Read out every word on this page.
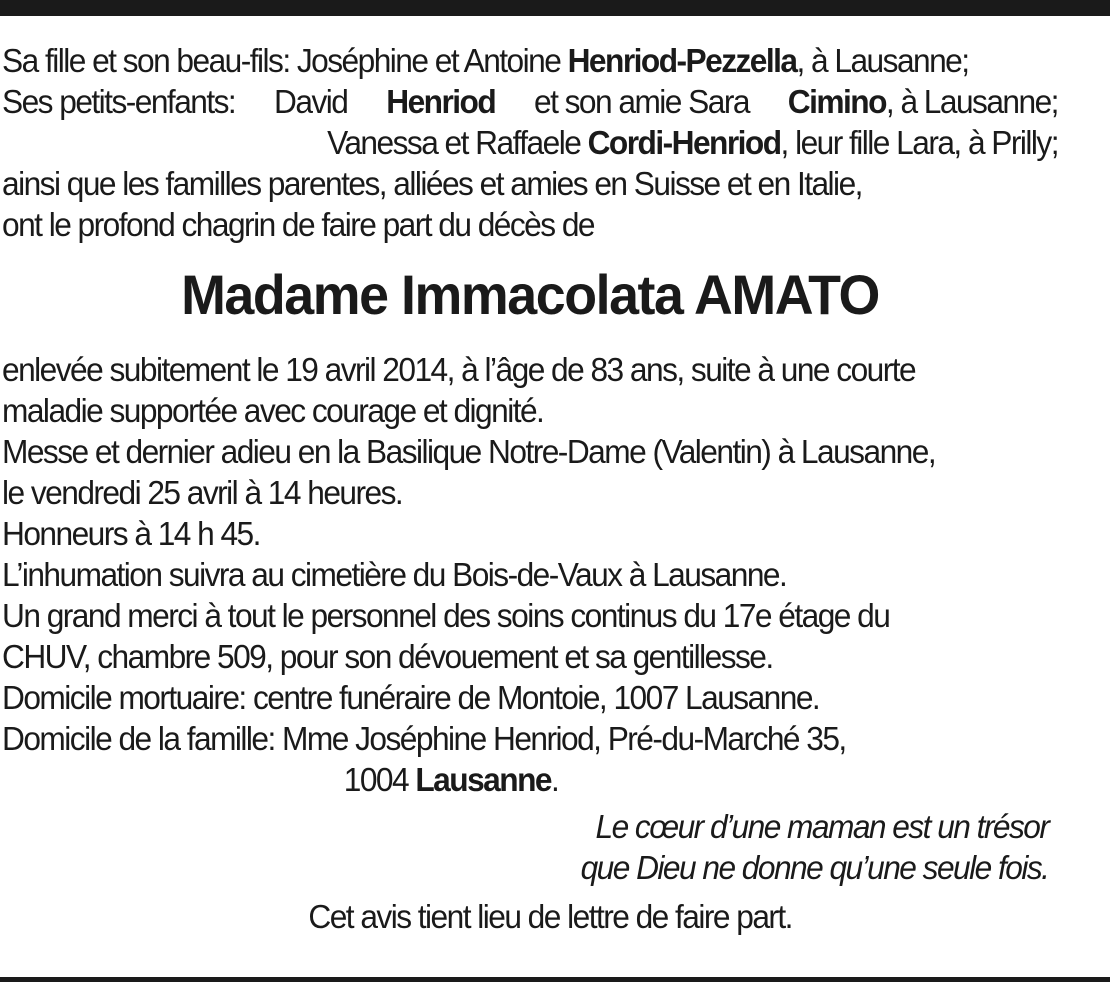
Sa fille et son beau-fils: Joséphine et Antoine Henriod-Pezzella, à Lausanne;
Ses petits-enfants: David Henriod et son amie Sara Cimino, à Lausanne;
Vanessa et Raffaele Cordi-Henriod, leur fille Lara, à Prilly;
ainsi que les familles parentes, alliées et amies en Suisse et en Italie,
ont le profond chagrin de faire part du décès de
Madame Immacolata AMATO
enlevée subitement le 19 avril 2014, à l’âge de 83 ans, suite à une courte
maladie supportée avec courage et dignité.
Messe et dernier adieu en la Basilique Notre-Dame (Valentin) à Lausanne,
le vendredi 25 avril à 14 heures.
Honneurs à 14 h 45.
L’inhumation suivra au cimetière du Bois-de-Vaux à Lausanne.
Un grand merci à tout le personnel des soins continus du 17e étage du
CHUV, chambre 509, pour son dévouement et sa gentillesse.
Domicile mortuaire: centre funéraire de Montoie, 1007 Lausanne.
Domicile de la famille: Mme Joséphine Henriod, Pré-du-Marché 35,
1004 Lausanne.
Le cœur d’une maman est un trésor
que Dieu ne donne qu’une seule fois.
Cet avis tient lieu de lettre de faire part.
